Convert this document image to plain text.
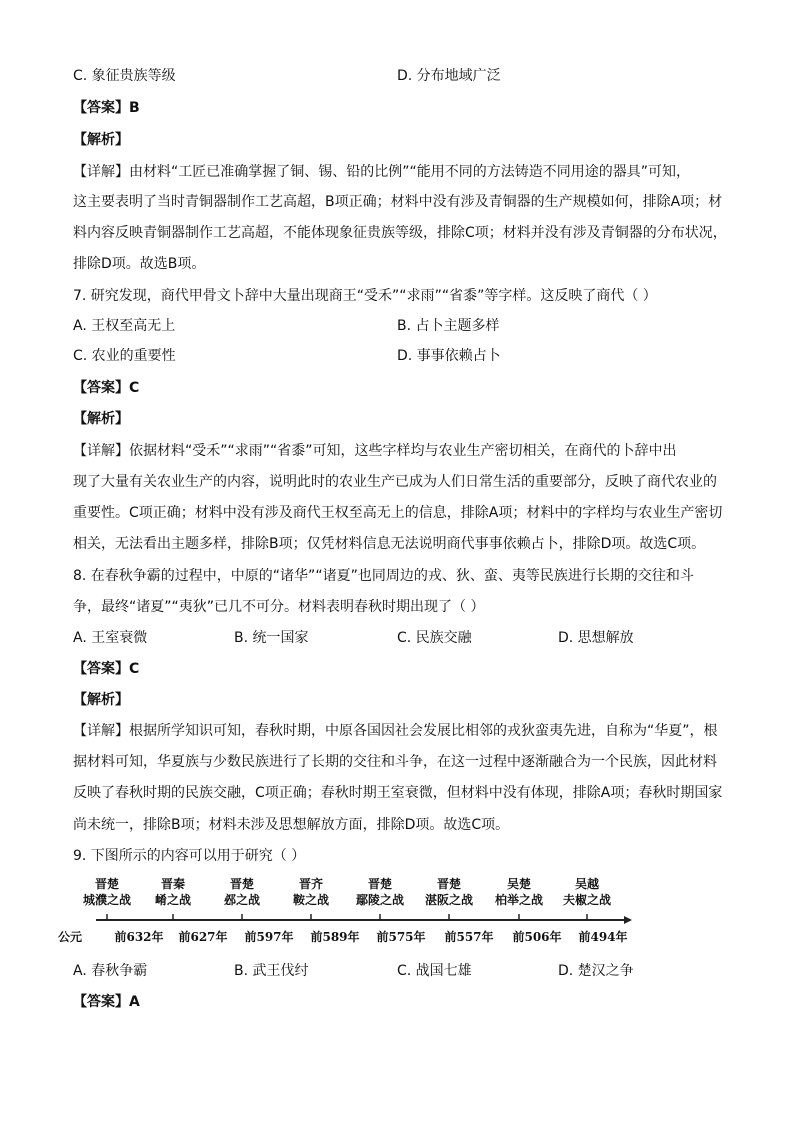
C. 象征贵族等级	D. 分布地域广泛
【答案】B
【解析】
【详解】由材料“工匠已准确掌握了铜、锡、铅的比例”“能用不同的方法铸造不同用途的器具”可知，
这主要表明了当时青铜器制作工艺高超，B项正确；材料中没有涉及青铜器的生产规模如何，排除A项；材
料内容反映青铜器制作工艺高超，不能体现象征贵族等级，排除C项；材料并没有涉及青铜器的分布状况，
排除D项。故选B项。
7. 研究发现，商代甲骨文卜辞中大量出现商王“受禾”“求雨”“省黍”等字样。这反映了商代（ ）
A. 王权至高无上	B. 占卜主题多样
C. 农业的重要性	D. 事事依赖占卜
【答案】C
【解析】
【详解】依据材料“受禾”“求雨”“省黍”可知，这些字样均与农业生产密切相关，在商代的卜辞中出
现了大量有关农业生产的内容，说明此时的农业生产已成为人们日常生活的重要部分，反映了商代农业的
重要性。C项正确；材料中没有涉及商代王权至高无上的信息，排除A项；材料中的字样均与农业生产密切
相关，无法看出主题多样，排除B项；仅凭材料信息无法说明商代事事依赖占卜，排除D项。故选C项。
8. 在春秋争霸的过程中，中原的“诸华”“诸夏”也同周边的戎、狄、蛮、夷等民族进行长期的交往和斗
争，最终“诸夏”“夷狄”已几不可分。材料表明春秋时期出现了（ ）
A. 王室衰微	B. 统一国家	C. 民族交融	D. 思想解放
【答案】C
【解析】
【详解】根据所学知识可知，春秋时期，中原各国因社会发展比相邻的戎狄蛮夷先进，自称为“华夏”，根
据材料可知，华夏族与少数民族进行了长期的交往和斗争，在这一过程中逐渐融合为一个民族，因此材料
反映了春秋时期的民族交融，C项正确；春秋时期王室衰微，但材料中没有体现，排除A项；春秋时期国家
尚未统一，排除B项；材料未涉及思想解放方面，排除D项。故选C项。
9. 下图所示的内容可以用于研究（ ）
公元
晋楚
城濮之战
晋秦
崤之战
晋楚
邲之战
晋齐
鞍之战
晋楚
鄢陵之战
晋楚
湛阪之战
吴楚
柏举之战
吴越
夫椒之战
前632年	前627年	前597年	前589年	前575年	前557年	前506年	前494年
A. 春秋争霸	B. 武王伐纣	C. 战国七雄	D. 楚汉之争
【答案】A
